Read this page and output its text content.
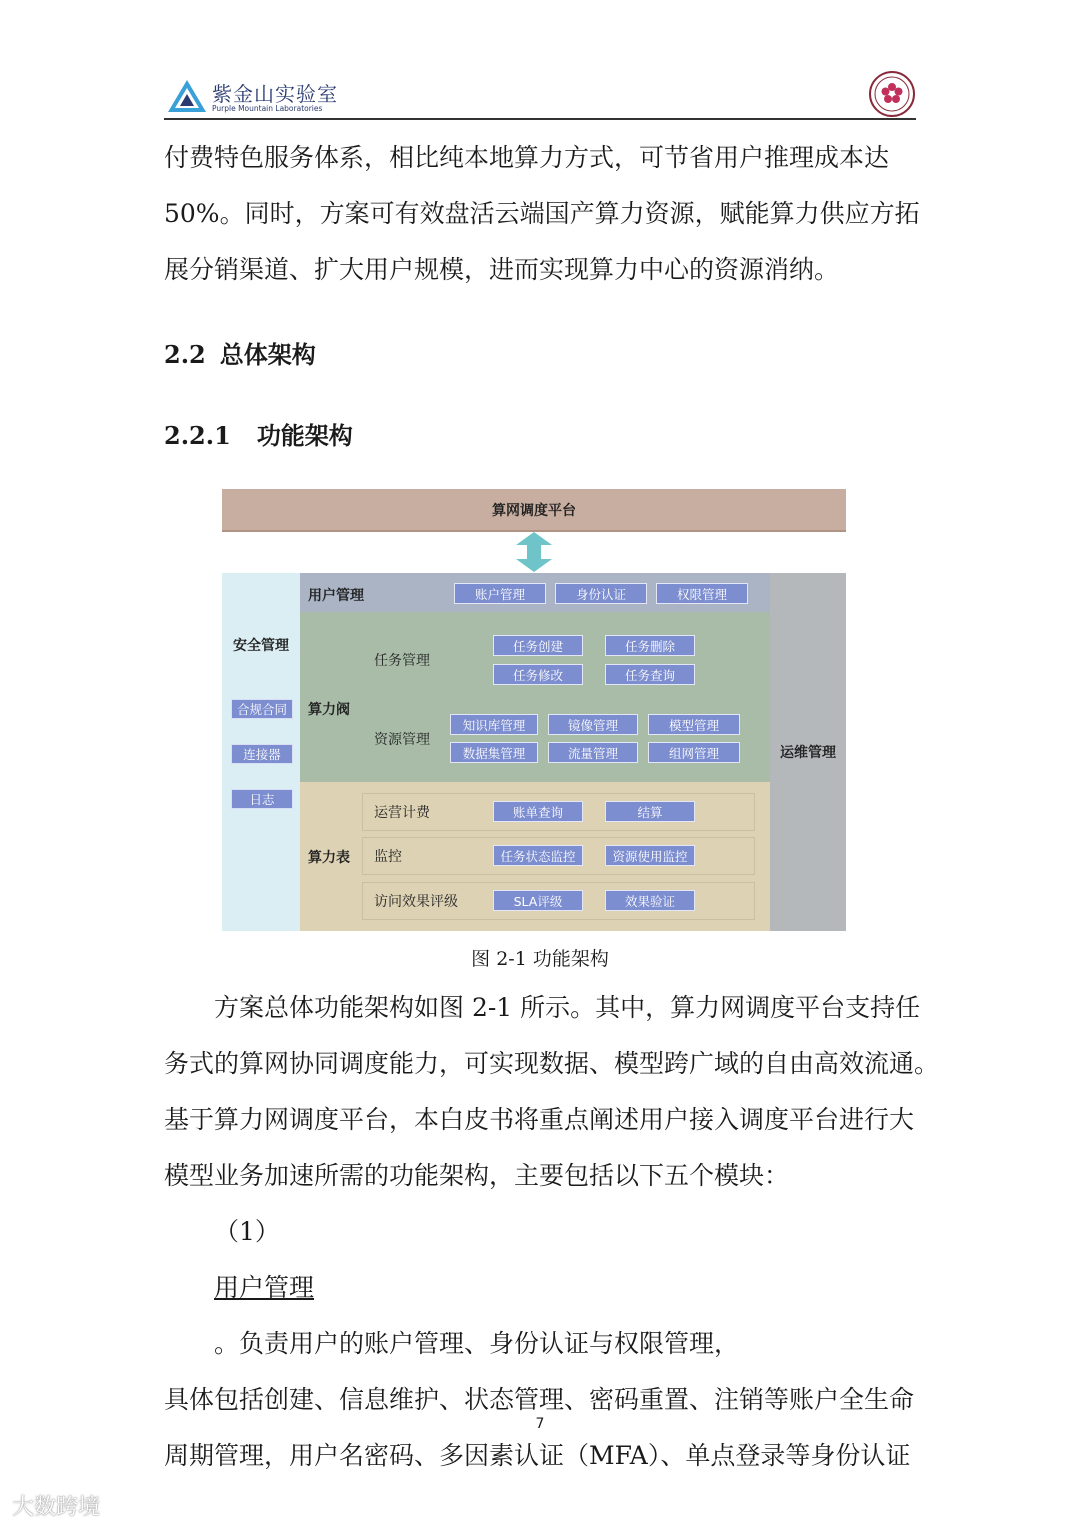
紫金山实验室
Purple Mountain Laboratories

付费特色服务体系，相比纯本地算力方式，可节省用户推理成本达
50%。同时，方案可有效盘活云端国产算力资源，赋能算力供应方拓
展分销渠道、扩大用户规模，进而实现算力中心的资源消纳。

2.2 总体架构
2.2.1 功能架构
算网调度平台
运维管理
安全管理
合规合同
连接器
日志
用户管理	账户管理	身份认证	权限管理
算力阀
任务管理
任务创建	任务删除
任务修改	任务查询
资源管理
知识库管理	镜像管理	模型管理
数据集管理	流量管理	组网管理
算力表
运营计费	账单查询	结算
监控	任务状态监控	资源使用监控
访问效果评级	SLA评级	效果验证
图 2-1 功能架构

方案总体功能架构如图 2-1 所示。其中，算力网调度平台支持任
务式的算网协同调度能力，可实现数据、模型跨广域的自由高效流通。
基于算力网调度平台，本白皮书将重点阐述用户接入调度平台进行大
模型业务加速所需的功能架构，主要包括以下五个模块：
（1）
用户管理
。负责用户的账户管理、身份认证与权限管理，
具体包括创建、信息维护、状态管理、密码重置、注销等账户全生命
周期管理，用户名密码、多因素认证（MFA）、单点登录等身份认证

7
大数跨境
